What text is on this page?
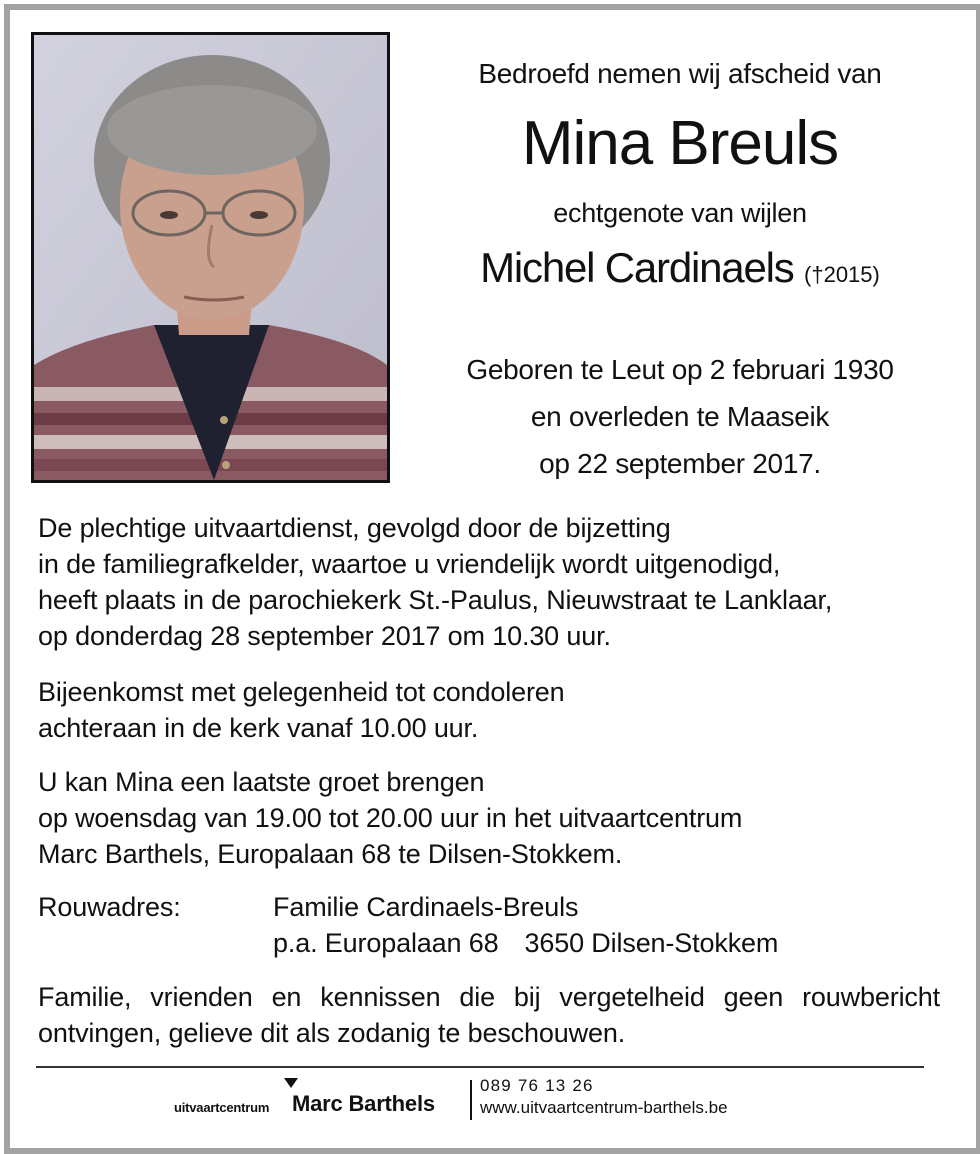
Bedroefd nemen wij afscheid van
Mina Breuls
echtgenote van wijlen
Michel Cardinaels (†2015)
Geboren te Leut op 2 februari 1930
en overleden te Maaseik
op 22 september 2017.
De plechtige uitvaartdienst, gevolgd door de bijzetting
in de familiegrafkelder, waartoe u vriendelijk wordt uitgenodigd,
heeft plaats in de parochiekerk St.-Paulus, Nieuwstraat te Lanklaar,
op donderdag 28 september 2017 om 10.30 uur.
Bijeenkomst met gelegenheid tot condoleren
achteraan in de kerk vanaf 10.00 uur.
U kan Mina een laatste groet brengen
op woensdag van 19.00 tot 20.00 uur in het uitvaartcentrum
Marc Barthels, Europalaan 68 te Dilsen-Stokkem.
Rouwadres:	Familie Cardinaels-Breuls
p.a. Europalaan 68 3650 Dilsen-Stokkem
Familie, vrienden en kennissen die bij vergetelheid geen rouwbericht
ontvingen, gelieve dit als zodanig te beschouwen.
uitvaartcentrum Marc Barthels
089 76 13 26
www.uitvaartcentrum-barthels.be
